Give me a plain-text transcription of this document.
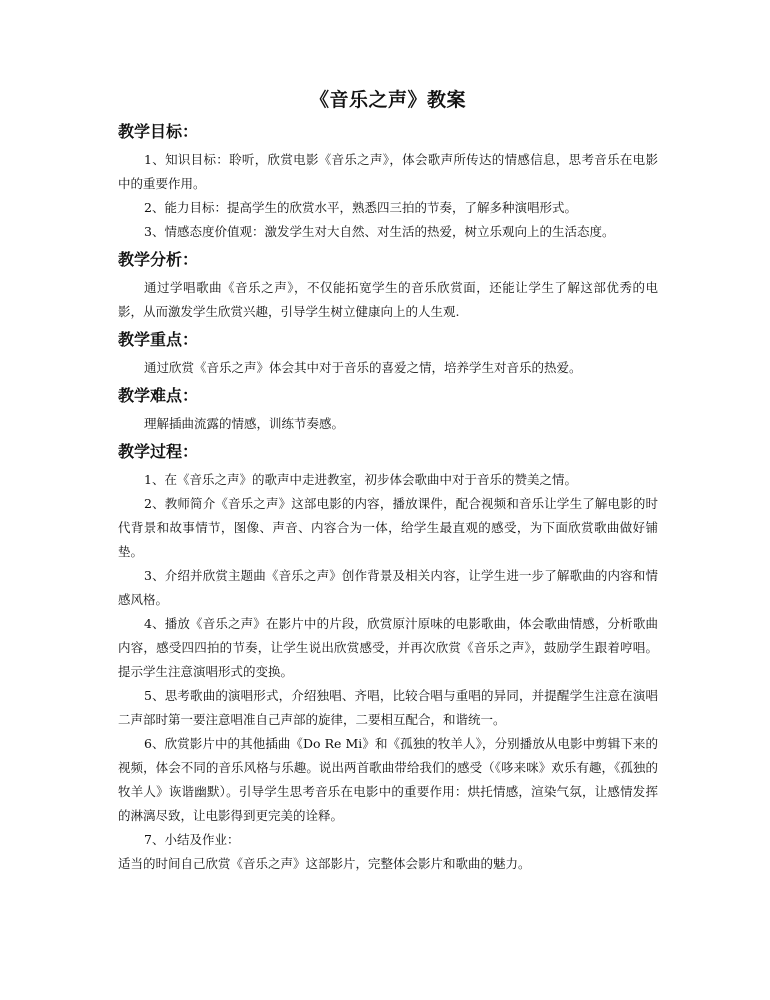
《音乐之声》教案
教学目标：

1、知识目标：聆听，欣赏电影《音乐之声》，体会歌声所传达的情感信息，思考音乐在电影中的重要作用。

2、能力目标：提高学生的欣赏水平，熟悉四三拍的节奏，了解多种演唱形式。

3、情感态度价值观：激发学生对大自然、对生活的热爱，树立乐观向上的生活态度。

教学分析：

通过学唱歌曲《音乐之声》，不仅能拓宽学生的音乐欣赏面，还能让学生了解这部优秀的电影，从而激发学生欣赏兴趣，引导学生树立健康向上的人生观.

教学重点：

通过欣赏《音乐之声》体会其中对于音乐的喜爱之情，培养学生对音乐的热爱。

教学难点：

理解插曲流露的情感，训练节奏感。

教学过程：

1、在《音乐之声》的歌声中走进教室，初步体会歌曲中对于音乐的赞美之情。

2、教师简介《音乐之声》这部电影的内容，播放课件，配合视频和音乐让学生了解电影的时代背景和故事情节，图像、声音、内容合为一体，给学生最直观的感受，为下面欣赏歌曲做好铺垫。

3、介绍并欣赏主题曲《音乐之声》创作背景及相关内容，让学生进一步了解歌曲的内容和情感风格。

4、播放《音乐之声》在影片中的片段，欣赏原汁原味的电影歌曲，体会歌曲情感，分析歌曲内容，感受四四拍的节奏，让学生说出欣赏感受，并再次欣赏《音乐之声》，鼓励学生跟着哼唱。提示学生注意演唱形式的变换。

5、思考歌曲的演唱形式，介绍独唱、齐唱，比较合唱与重唱的异同，并提醒学生注意在演唱二声部时第一要注意唱准自己声部的旋律，二要相互配合，和谐统一。

6、欣赏影片中的其他插曲《Do Re Mi》和《孤独的牧羊人》，分别播放从电影中剪辑下来的视频，体会不同的音乐风格与乐趣。说出两首歌曲带给我们的感受（《哆来咪》欢乐有趣，《孤独的牧羊人》诙谐幽默）。引导学生思考音乐在电影中的重要作用：烘托情感，渲染气氛，让感情发挥的淋漓尽致，让电影得到更完美的诠释。

7、小结及作业：

适当的时间自己欣赏《音乐之声》这部影片，完整体会影片和歌曲的魅力。
